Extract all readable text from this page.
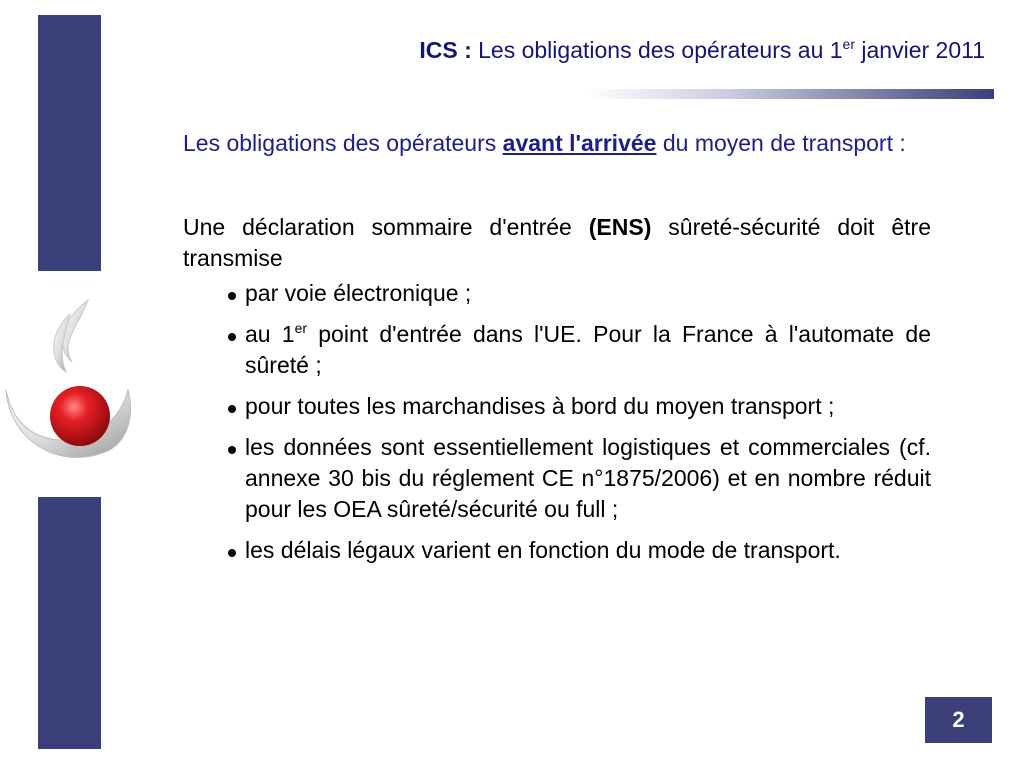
ICS : Les obligations des opérateurs au 1er janvier 2011
Les obligations des opérateurs avant l'arrivée du moyen de transport :
Une déclaration sommaire d'entrée (ENS) sûreté-sécurité doit être transmise
par voie électronique ;
au 1er point d'entrée dans l'UE. Pour la France à l'automate de sûreté ;
pour toutes les marchandises à bord du moyen transport ;
les données sont essentiellement logistiques et commerciales (cf. annexe 30 bis du réglement CE n°1875/2006) et en nombre réduit pour les OEA sûreté/sécurité ou full ;
les délais légaux varient en fonction du mode de transport.
2
